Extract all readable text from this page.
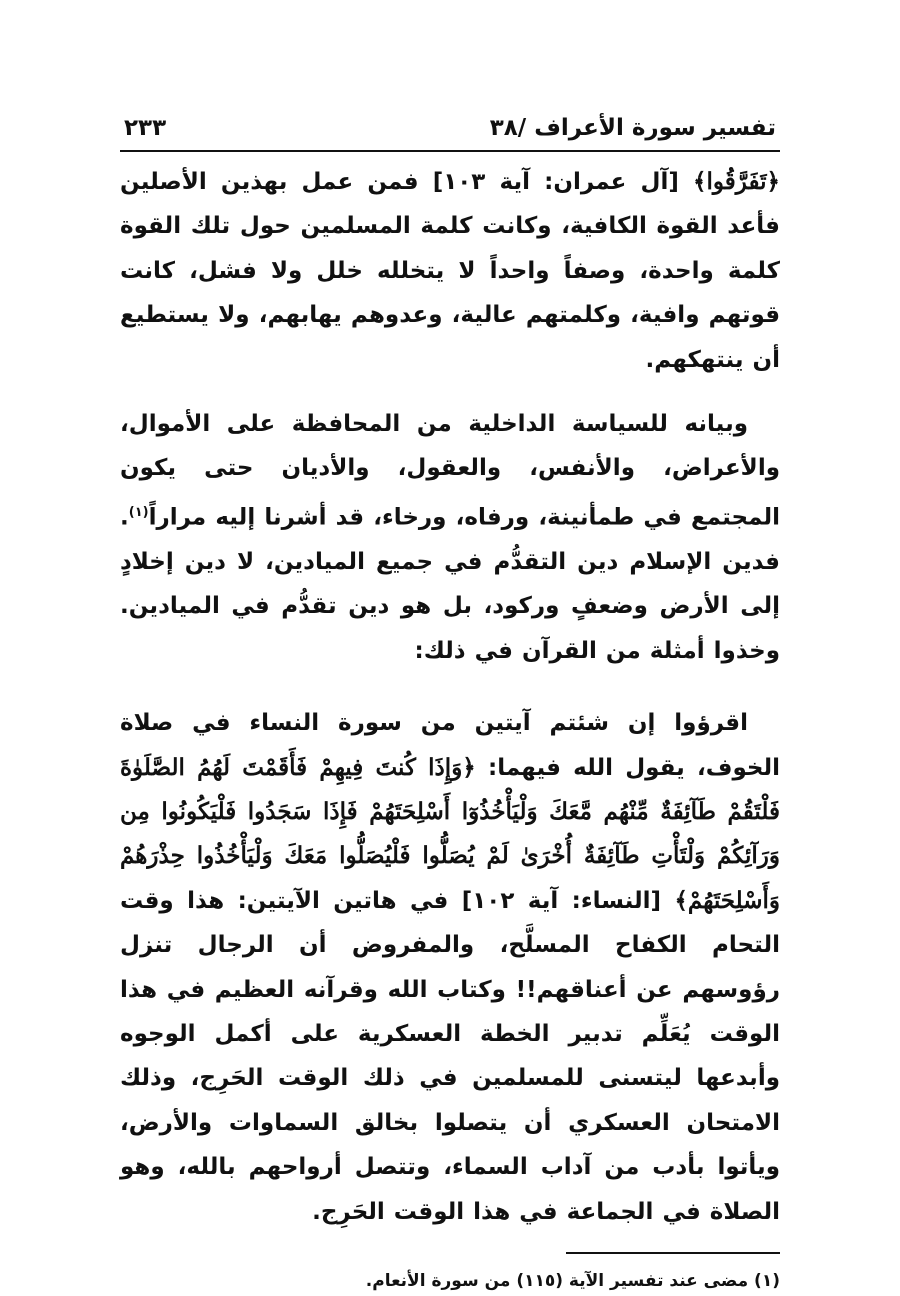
تفسير سورة الأعراف /٣٨
٢٣٣

﴿تَفَرَّقُوا﴾ [آل عمران: آية ١٠٣] فمن عمل بهذين الأصلين فأعد القوة الكافية، وكانت كلمة المسلمين حول تلك القوة كلمة واحدة، وصفاً واحداً لا يتخلله خلل ولا فشل، كانت قوتهم وافية، وكلمتهم عالية، وعدوهم يهابهم، ولا يستطيع أن ينتهكهم.

وبيانه للسياسة الداخلية من المحافظة على الأموال، والأعراض، والأنفس، والعقول، والأديان حتى يكون المجتمع في طمأنينة، ورفاه، ورخاء، قد أشرنا إليه مراراً$^{(١)}$. فدين الإسلام دين التقدُّم في جميع الميادين، لا دين إخلادٍ إلى الأرض وضعفٍ وركود، بل هو دين تقدُّم في الميادين. وخذوا أمثلة من القرآن في ذلك:

اقرؤوا إن شئتم آيتين من سورة النساء في صلاة الخوف، يقول الله فيهما: ﴿وَإِذَا كُنتَ فِيهِمْ فَأَقَمْتَ لَهُمُ الصَّلَوٰةَ فَلْتَقُمْ طَآئِفَةٌ مِّنْهُم مَّعَكَ وَلْيَأْخُذُوٓا أَسْلِحَتَهُمْ فَإِذَا سَجَدُوا فَلْيَكُونُوا مِن وَرَآئِكُمْ وَلْتَأْتِ طَآئِفَةٌ أُخْرَىٰ لَمْ يُصَلُّوا فَلْيُصَلُّوا مَعَكَ وَلْيَأْخُذُوا حِذْرَهُمْ وَأَسْلِحَتَهُمْ﴾ [النساء: آية ١٠٢] في هاتين الآيتين: هذا وقت التحام الكفاح المسلَّح، والمفروض أن الرجال تنزل رؤوسهم عن أعناقهم!! وكتاب الله وقرآنه العظيم في هذا الوقت يُعَلِّم تدبير الخطة العسكرية على أكمل الوجوه وأبدعها ليتسنى للمسلمين في ذلك الوقت الحَرِج، وذلك الامتحان العسكري أن يتصلوا بخالق السماوات والأرض، ويأتوا بأدب من آداب السماء، وتتصل أرواحهم بالله، وهو الصلاة في الجماعة في هذا الوقت الحَرِج.

(١) مضى عند تفسير الآية (١١٥) من سورة الأنعام.
